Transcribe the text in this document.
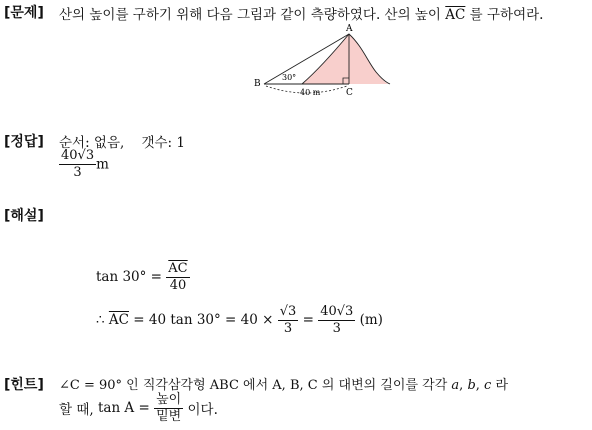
[문제] 산의 높이를 구하기 위해 다음 그림과 같이 측량하였다. 산의 높이 $\overline{AC}$ 를 구하여라.
A
B
C
30°
40 m
[정답] 순서: 없음,    갯수: 1
$\frac{40√3}{3}$ m
[해설]
$\tan 30^\circ = \frac{\overline{AC}}{40}$
∴ $\overline{AC} = 40$ $\tan 30^\circ = 40 \times \frac{√3}{3} = \frac{40√3}{3} (m)$
[힌트] ∠C = 90° 인 직각삼각형 ABC 에서 A, B, C 의 대변의 길이를 각각 a, b, c 라
할 때, $\tan A = \frac{\text{높이}}{\text{밑변}}$ 이다.
